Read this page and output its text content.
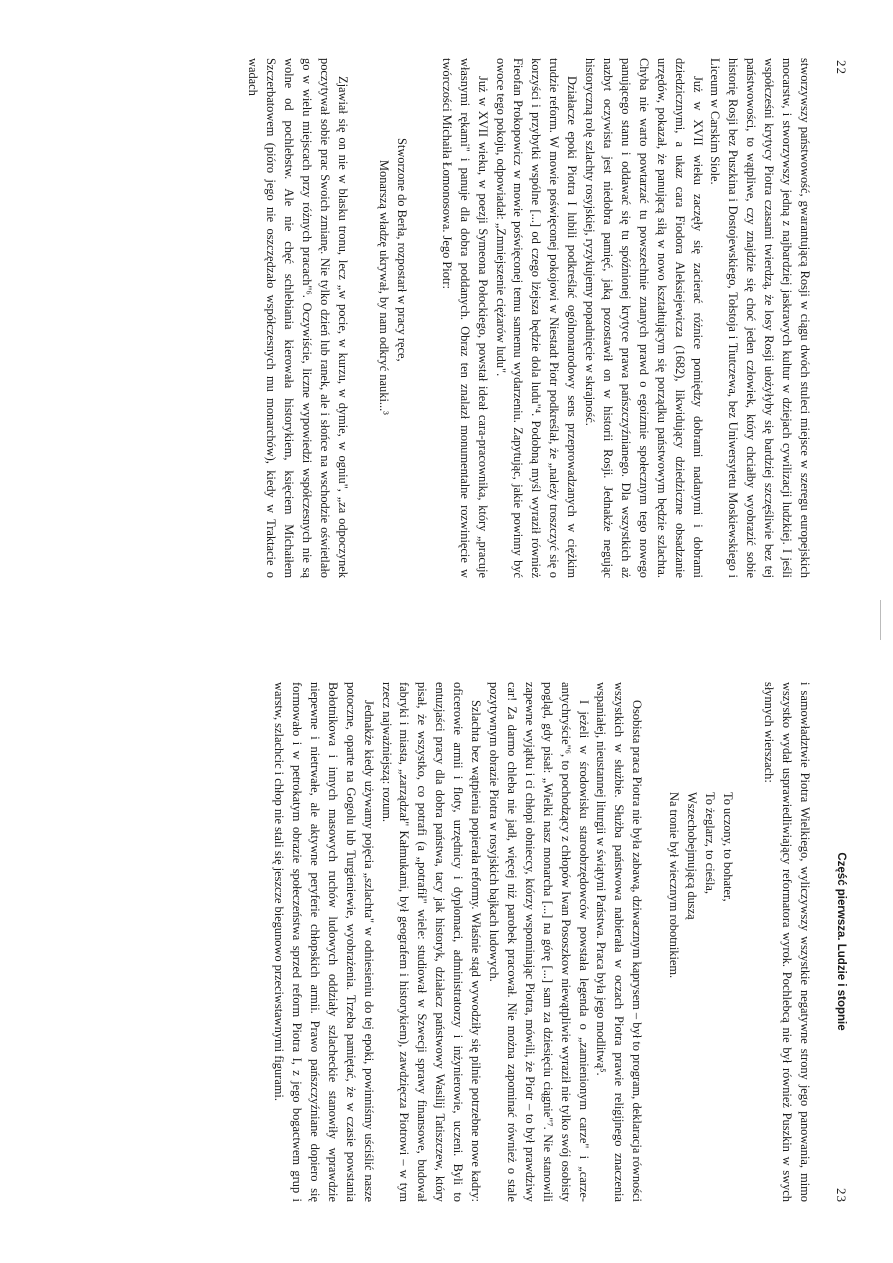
22

stworzywszy państwowość, gwarantującą Rosji w ciągu dwóch stuleci miejsce w szeregu europejskich mocarstw, i stworzywszy jedną z najbardziej jaskrawych kultur w dziejach cywilizacji ludzkiej. I jeśli współcześni krytycy Piotra czasami twierdzą, że losy Rosji ułożyłyby się bardziej szczęśliwie bez tej państwowości, to wątpliwe, czy znajdzie się choć jeden człowiek, który chciałby wyobrazić sobie historię Rosji bez Puszkina i Dostojewskiego, Tołstoja i Tiutczewa, bez Uniwersytetu Moskiewskiego i Liceum w Carskim Siole.

Już w XVII wieku zaczęły się zacierać różnice pomiędzy dobrami nadanymi i dobrami dziedzicznymi, a ukaz cara Fiodora Aleksiejewicza (1682), likwidujący dziedziczne obsadzanie urzędów, pokazał, że panującą siłą w nowo kształtującym się porządku państwowym będzie szlachta. Chyba nie warto powtarzać tu powszechnie znanych prawd o egoizmie społecznym tego nowego panującego stanu i oddawać się tu spóźnionej krytyce prawa pańszczyźnianego. Dla wszystkich aż nazbyt oczywista jest niedobra pamięć, jaką pozostawił on w historii Rosji. Jednakże negując historyczną rolę szlachty rosyjskiej, ryzykujemy popadnięcie w skrajność.

Działacze epoki Piotra I lubili podkreślać ogólnonarodowy sens przeprowadzanych w ciężkim trudzie reform. W mowie poświęconej pokojowi w Niestadt Piotr podkreślał, że „należy troszczyć się o korzyści i przybytki wspólne [...] od czego lżejsza będzie dola ludu"⁴. Podobną myśl wyraził również Fieofan Prokopowicz w mowie poświęconej temu samemu wydarzeniu. Zapytując, jakie powinny być owoce tego pokoju, odpowiadał: „Zmniejszenie ciężarów ludu".

Już w XVII wieku, w poezji Symeona Połockiego, powstał ideał cara-pracownika, który „pracuje własnymi rękami" i panuje dla dobra poddanych. Obraz ten znalazł monumentalne rozwinięcie w twórczości Michaiła Łomonosowa. Jego Piotr:

Stworzone do Berła, rozpostarł w pracy ręce,
Monarszą władzę ukrywał, by nam odkryć nauki...³

Zjawiał się on nie w blasku tronu, lecz „w pocie, w kurzu, w dymie, w ogniu", „za odpoczynek poczytywał sobie prac Swoich zmianę. Nie tylko dzień lub ranek, ale i słońce na wschodzie oświetlało go w wielu miejscach przy różnych pracach"⁶. Oczywiście, liczne wypowiedzi współczesnych nie są wolne od pochlebstw. Ale nie chęć schlebiania kierowała historykiem, księciem Michaiłem Szczerbatowem (pióro jego nie oszczędzało współczesnych mu monarchów), kiedy w Traktacie o wadach

Część pierwsza. Ludzie i stopnie
23

i samowładztwie Piotra Wielkiego, wyliczywszy wszystkie negatywne strony jego panowania, mimo wszystko wydał usprawiedliwiający reformatora wyrok. Pochlebcą nie był również Puszkin w swych słynnych wierszach:

To uczony, to bohater,
To żeglarz, to cieśla,
Wszechobejmującą duszą
Na tronie był wiecznym robotnikiem.

Osobista praca Piotra nie była zabawą, dziwacznym kaprysem – był to program, deklaracja równości wszystkich w służbie. Służba państwowa nabierała w oczach Piotra prawie religijnego znaczenia wspaniałej, nieustannej liturgii w świątyni Państwa. Praca była jego modlitwą⁵.

I jeżeli w środowisku staroobrzędowców powstała legenda o „zamienionym carze" i „carze-antychryście"⁶, to pochodzący z chłopów Iwan Pososzkow niewątpliwie wyraził nie tylko swój osobisty pogląd, gdy pisał: „Wielki nasz monarcha [...] na górę [...] sam za dziesięciu ciągnie"⁷. Nie stanowili zapewne wyjątku i ci chłopi obnieccy, którzy wspominając Piotra, mówili, że Piotr – to był prawdziwy car! Za darmo chleba nie jadł, więcej niż parobek pracował. Nie można zapominać również o stale pozytywnym obrazie Piotra w rosyjskich bajkach ludowych.

Szlachta bez wątpienia popierała reformy. Właśnie stąd wywodziły się pilnie potrzebne nowe kadry: oficerowie armii i floty, urzędnicy i dyplomaci, administratorzy i inżynierowie, uczeni. Byli to entuzjaści pracy dla dobra państwa, tacy jak historyk, działacz państwowy Wasilij Tatiszczew, który pisał, że wszystko, co potrafi (a „potrafił" wiele: studiował w Szwecji sprawy finansowe, budował fabryki i miasta, „zarządzał" Kałmukami, był geografem i historykiem), zawdzięcza Piotrowi – w tym rzecz najważniejszą: rozum.

Jednakże kiedy używamy pojęcia „szlachta" w odniesieniu do tej epoki, powinniśmy uściślić nasze potoczne, oparte na Gogolu lub Turgieniewie, wyobrażenia. Trzeba pamiętać, że w czasie powstania Bołotnikowa i innych masowych ruchów ludowych oddziały szlacheckie stanowiły wprawdzie niepewne i nietrwałe, ale aktywne peryferie chłopskich armii. Prawo pańszczyźniane dopiero się formowało i w petrokatym obrazie społeczeństwa sprzed reform Piotra I, z jego bogactwem grup i warstw, szlachcic i chłop nie stali się jeszcze biegunowo przeciwstawnymi figurami.
